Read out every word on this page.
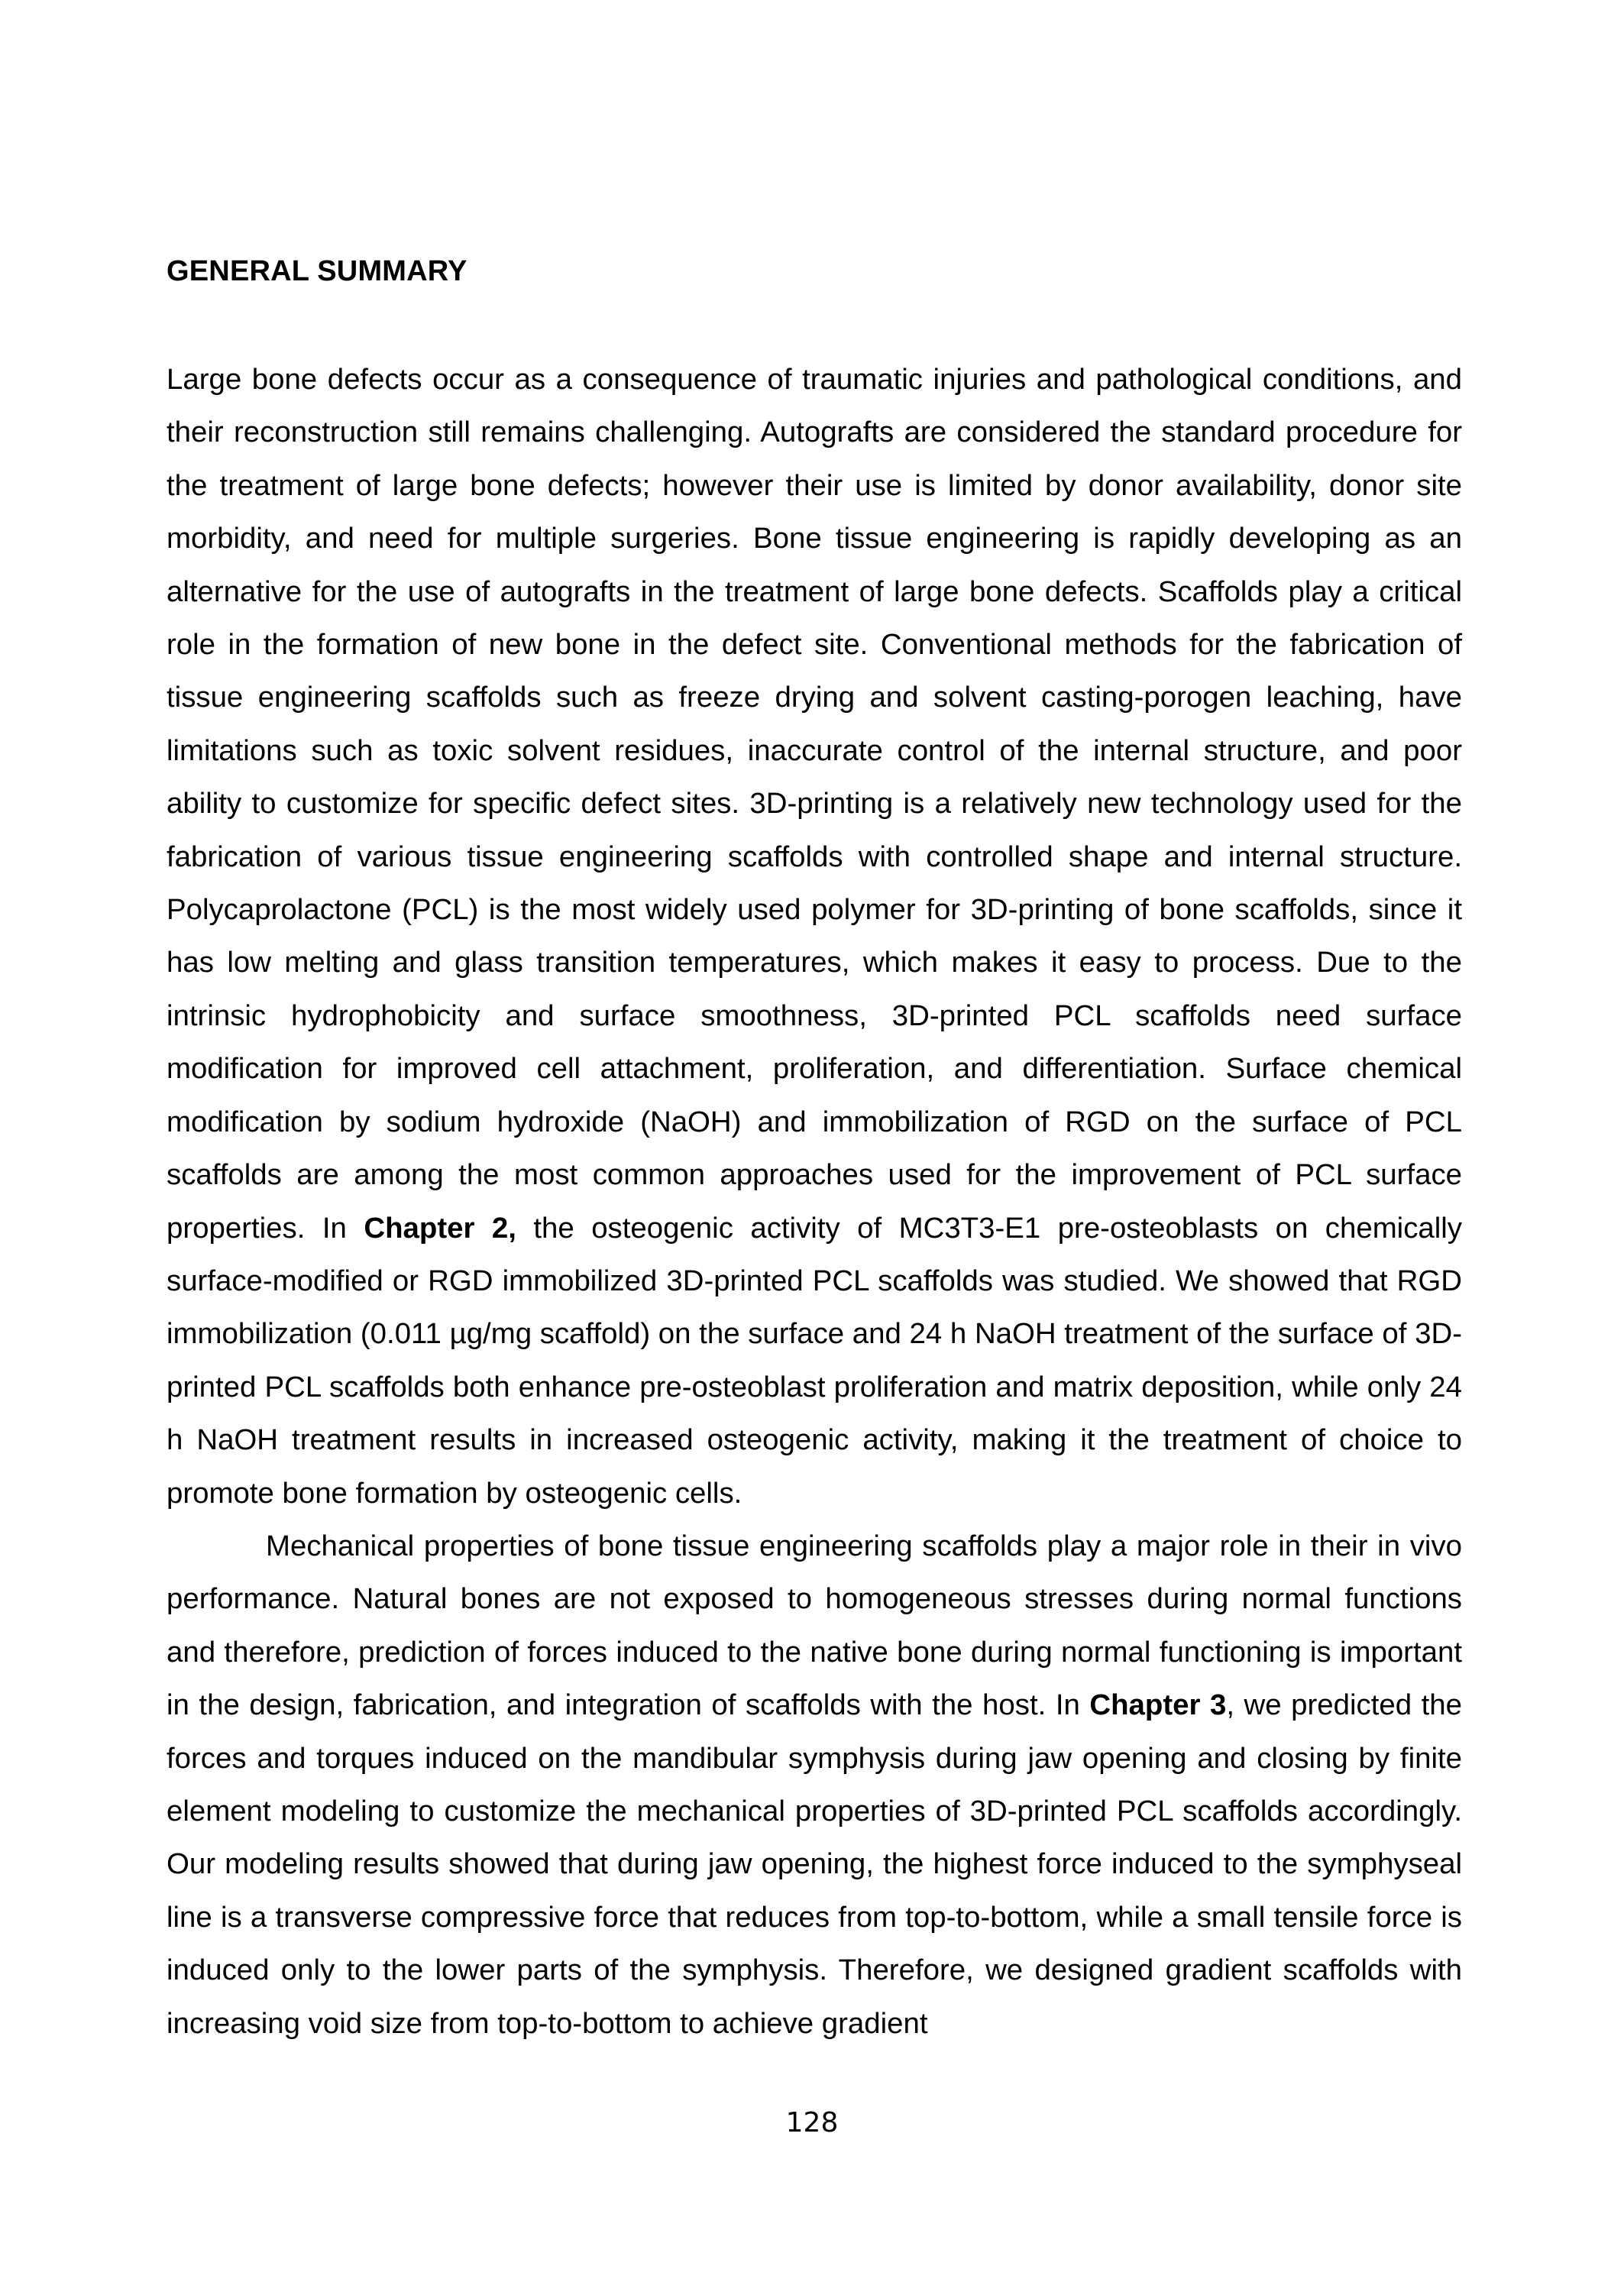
GENERAL SUMMARY

Large bone defects occur as a consequence of traumatic injuries and pathological conditions, and their reconstruction still remains challenging. Autografts are considered the standard procedure for the treatment of large bone defects; however their use is limited by donor availability, donor site morbidity, and need for multiple surgeries. Bone tissue engineering is rapidly developing as an alternative for the use of autografts in the treatment of large bone defects. Scaffolds play a critical role in the formation of new bone in the defect site. Conventional methods for the fabrication of tissue engineering scaffolds such as freeze drying and solvent casting-porogen leaching, have limitations such as toxic solvent residues, inaccurate control of the internal structure, and poor ability to customize for specific defect sites. 3D-printing is a relatively new technology used for the fabrication of various tissue engineering scaffolds with controlled shape and internal structure. Polycaprolactone (PCL) is the most widely used polymer for 3D-printing of bone scaffolds, since it has low melting and glass transition temperatures, which makes it easy to process. Due to the intrinsic hydrophobicity and surface smoothness, 3D-printed PCL scaffolds need surface modification for improved cell attachment, proliferation, and differentiation. Surface chemical modification by sodium hydroxide (NaOH) and immobilization of RGD on the surface of PCL scaffolds are among the most common approaches used for the improvement of PCL surface properties. In Chapter 2, the osteogenic activity of MC3T3-E1 pre-osteoblasts on chemically surface-modified or RGD immobilized 3D-printed PCL scaffolds was studied. We showed that RGD immobilization (0.011 µg/mg scaffold) on the surface and 24 h NaOH treatment of the surface of 3D-printed PCL scaffolds both enhance pre-osteoblast proliferation and matrix deposition, while only 24 h NaOH treatment results in increased osteogenic activity, making it the treatment of choice to promote bone formation by osteogenic cells.

Mechanical properties of bone tissue engineering scaffolds play a major role in their in vivo performance. Natural bones are not exposed to homogeneous stresses during normal functions and therefore, prediction of forces induced to the native bone during normal functioning is important in the design, fabrication, and integration of scaffolds with the host. In Chapter 3, we predicted the forces and torques induced on the mandibular symphysis during jaw opening and closing by finite element modeling to customize the mechanical properties of 3D-printed PCL scaffolds accordingly. Our modeling results showed that during jaw opening, the highest force induced to the symphyseal line is a transverse compressive force that reduces from top-to-bottom, while a small tensile force is induced only to the lower parts of the symphysis. Therefore, we designed gradient scaffolds with increasing void size from top-to-bottom to achieve gradient

128
